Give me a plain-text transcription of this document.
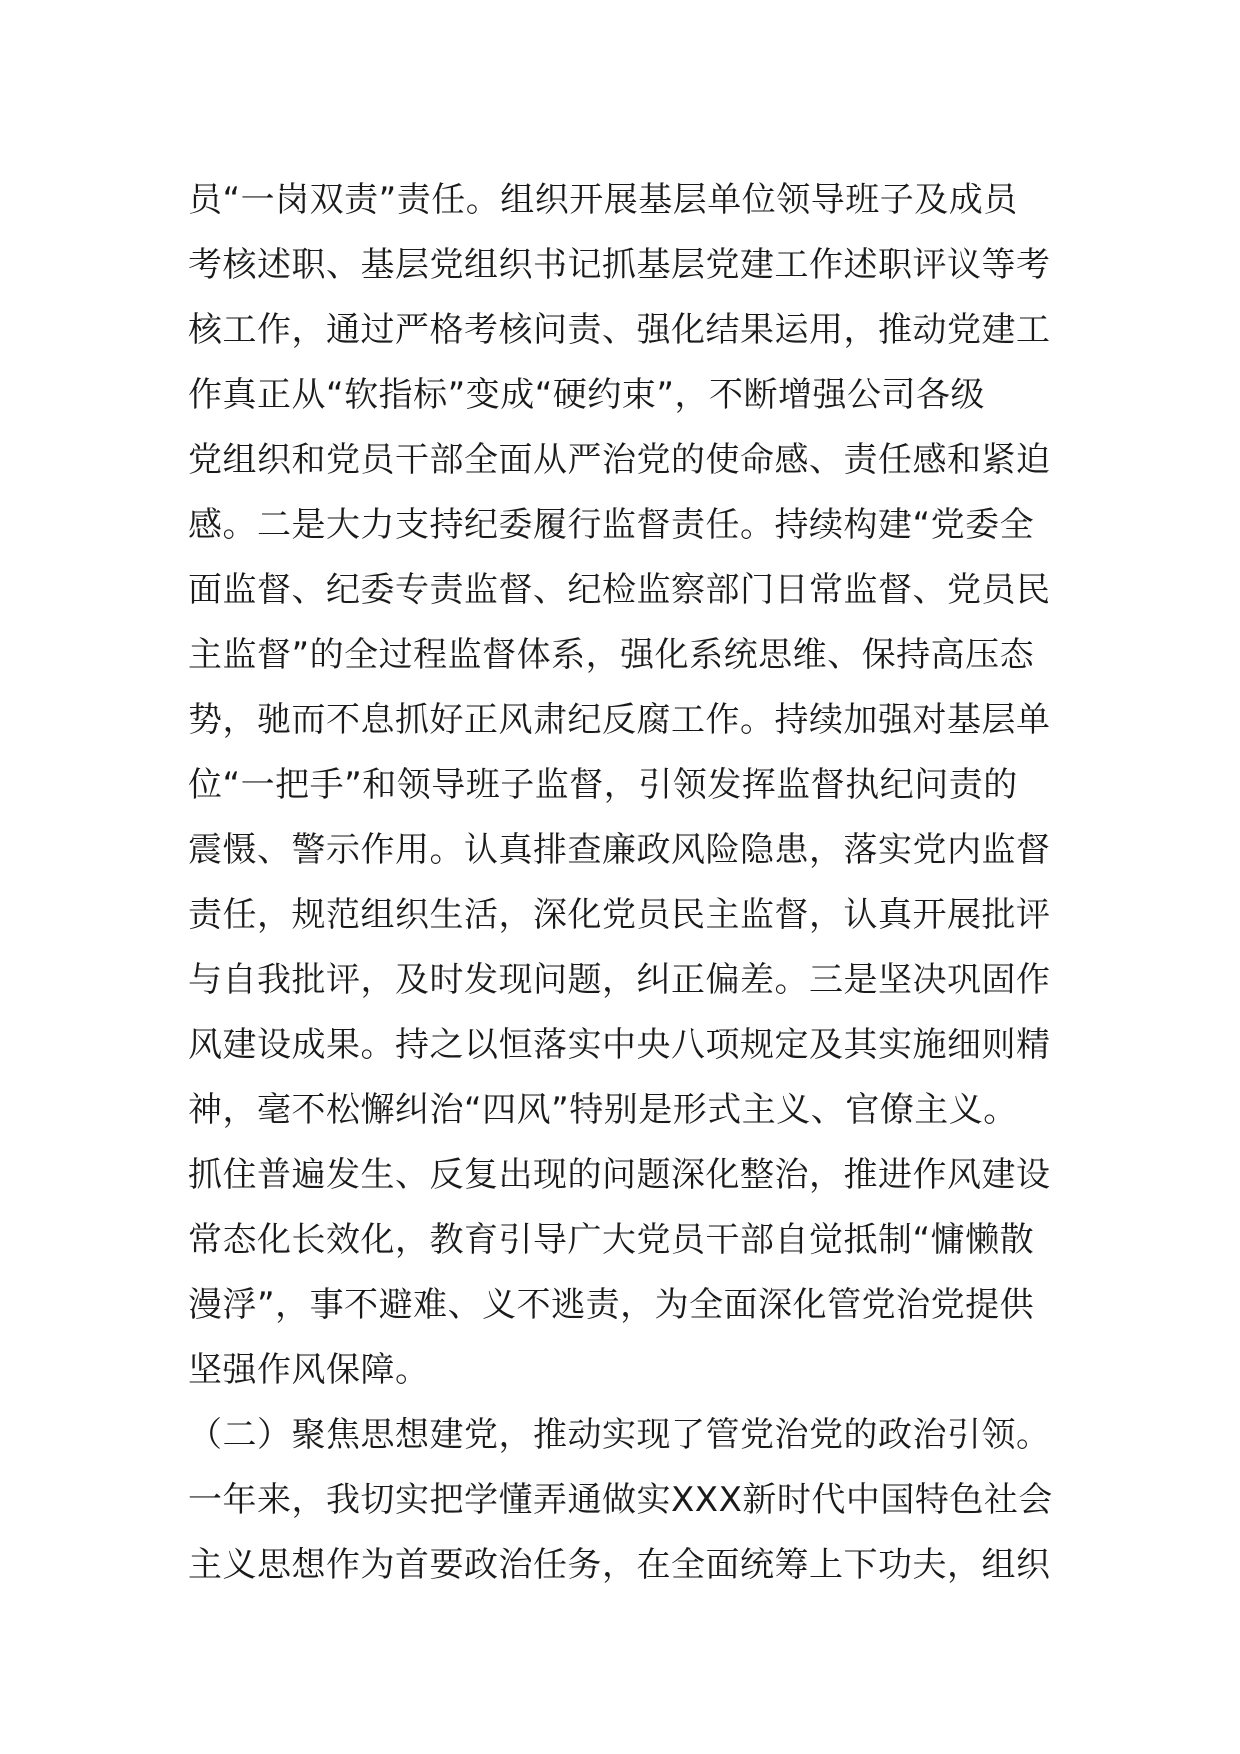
员“一岗双责”责任。组织开展基层单位领导班子及成员
考核述职、基层党组织书记抓基层党建工作述职评议等考
核工作，通过严格考核问责、强化结果运用，推动党建工
作真正从“软指标”变成“硬约束”，不断增强公司各级
党组织和党员干部全面从严治党的使命感、责任感和紧迫
感。二是大力支持纪委履行监督责任。持续构建“党委全
面监督、纪委专责监督、纪检监察部门日常监督、党员民
主监督”的全过程监督体系，强化系统思维、保持高压态
势，驰而不息抓好正风肃纪反腐工作。持续加强对基层单
位“一把手”和领导班子监督，引领发挥监督执纪问责的
震慑、警示作用。认真排查廉政风险隐患，落实党内监督
责任，规范组织生活，深化党员民主监督，认真开展批评
与自我批评，及时发现问题，纠正偏差。三是坚决巩固作
风建设成果。持之以恒落实中央八项规定及其实施细则精
神，毫不松懈纠治“四风”特别是形式主义、官僚主义。
抓住普遍发生、反复出现的问题深化整治，推进作风建设
常态化长效化，教育引导广大党员干部自觉抵制“慵懒散
漫浮”，事不避难、义不逃责，为全面深化管党治党提供
坚强作风保障。
（二）聚焦思想建党，推动实现了管党治党的政治引领。
一年来，我切实把学懂弄通做实XXX新时代中国特色社会
主义思想作为首要政治任务，在全面统筹上下功夫，组织
